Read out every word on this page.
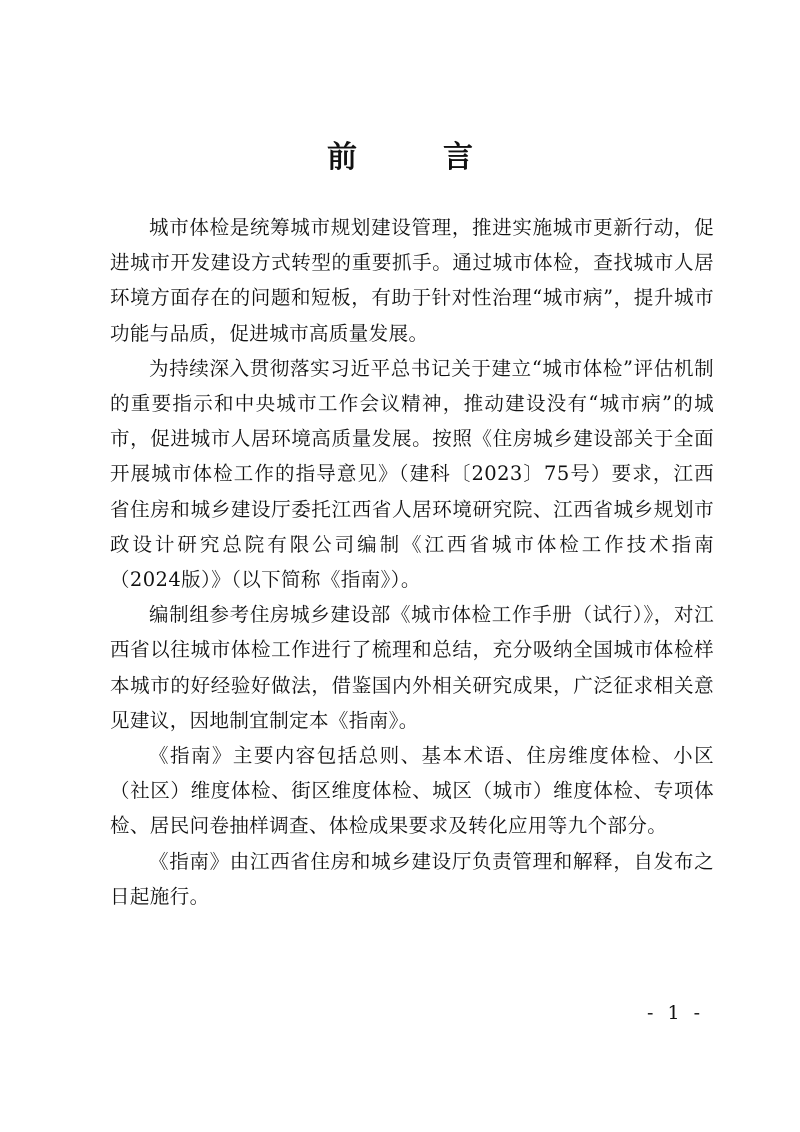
前　言

城市体检是统筹城市规划建设管理，推进实施城市更新行动，促进城市开发建设方式转型的重要抓手。通过城市体检，查找城市人居环境方面存在的问题和短板，有助于针对性治理“城市病”，提升城市功能与品质，促进城市高质量发展。

为持续深入贯彻落实习近平总书记关于建立“城市体检”评估机制的重要指示和中央城市工作会议精神，推动建设没有“城市病”的城市，促进城市人居环境高质量发展。按照《住房城乡建设部关于全面开展城市体检工作的指导意见》（建科〔2023〕75号）要求，江西省住房和城乡建设厅委托江西省人居环境研究院、江西省城乡规划市政设计研究总院有限公司编制《江西省城市体检工作技术指南（2024版）》（以下简称《指南》）。

编制组参考住房城乡建设部《城市体检工作手册（试行）》，对江西省以往城市体检工作进行了梳理和总结，充分吸纳全国城市体检样本城市的好经验好做法，借鉴国内外相关研究成果，广泛征求相关意见建议，因地制宜制定本《指南》。

《指南》主要内容包括总则、基本术语、住房维度体检、小区（社区）维度体检、街区维度体检、城区（城市）维度体检、专项体检、居民问卷抽样调查、体检成果要求及转化应用等九个部分。

《指南》由江西省住房和城乡建设厅负责管理和解释，自发布之日起施行。

- 1 -
